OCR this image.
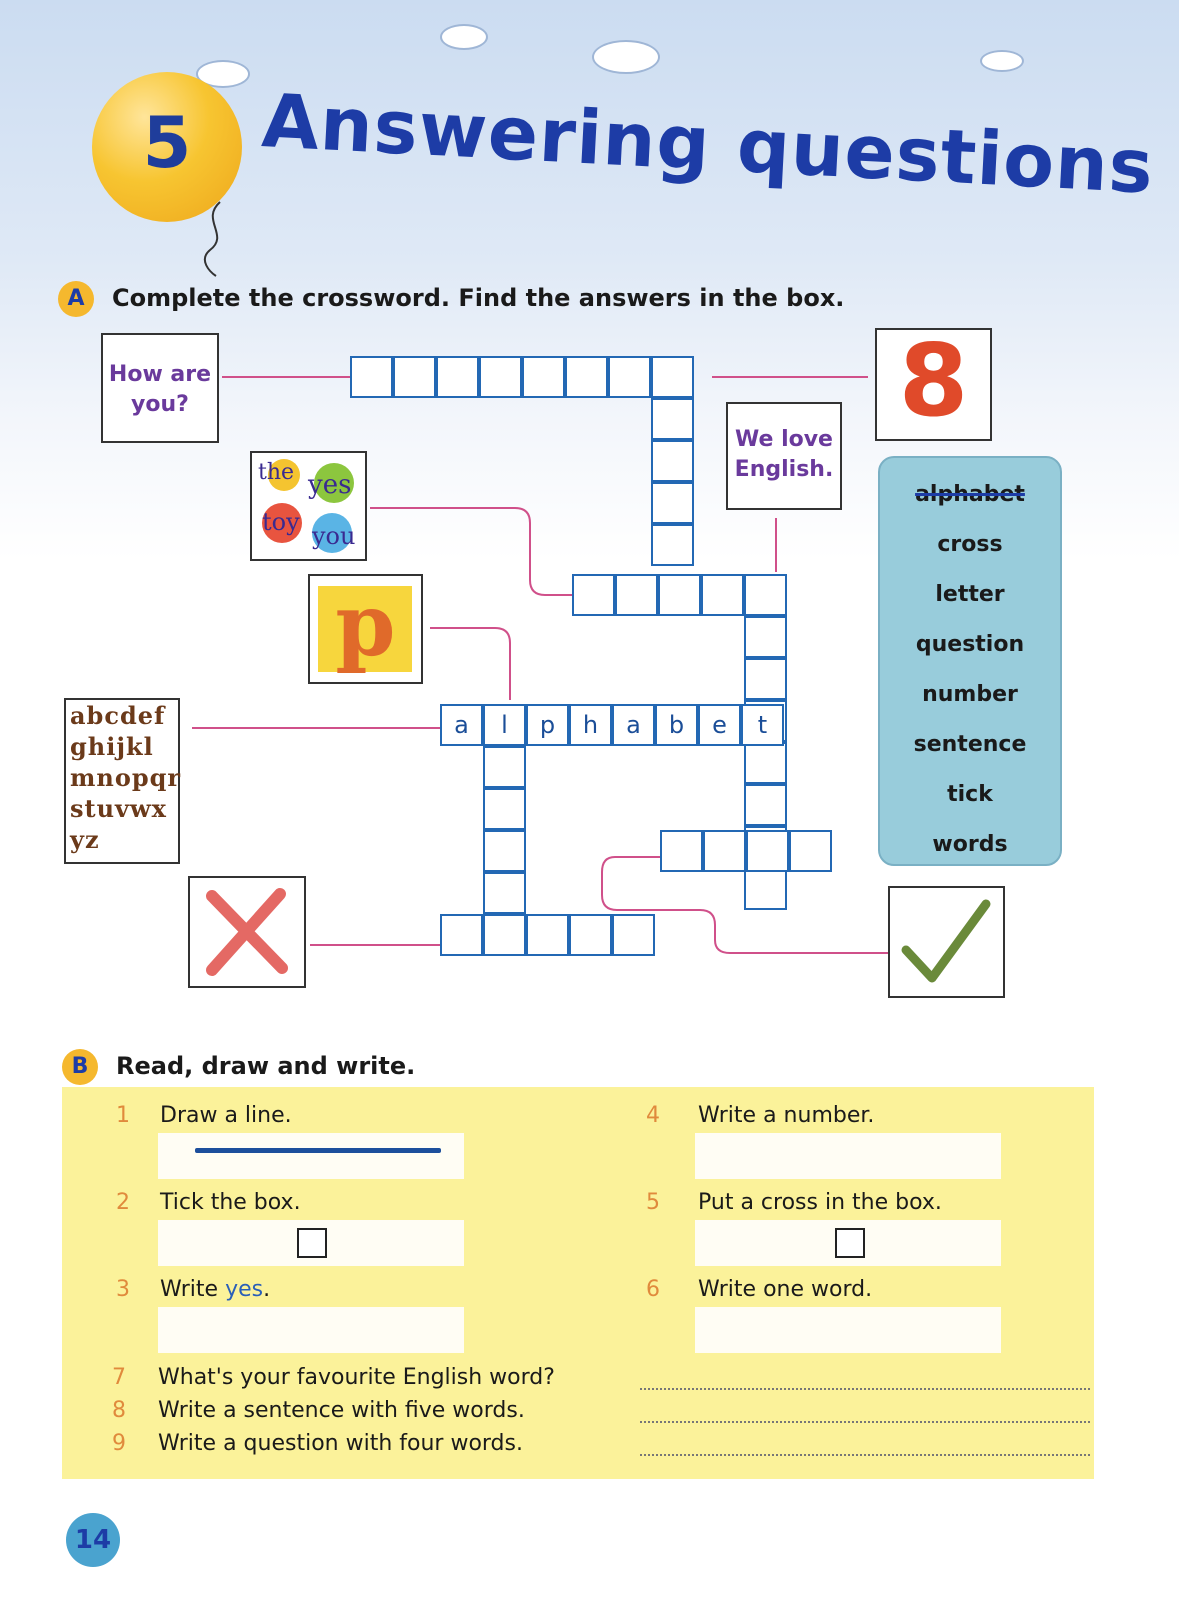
5 Answering questions
A	Complete the crossword. Find the answers in the box.
How are you?
We love English.
the yes
toy you
p
abcdef
ghijkl
mnopqr
stuvwx
yz
8
a	l	p	h	a	b	e	t
alphabet
cross
letter
question
number
sentence
tick
words
B	Read, draw and write.
1 Draw a line.
2 Tick the box.
3 Write yes.
4 Write a number.
5 Put a cross in the box.
6 Write one word.
7 What's your favourite English word?
8 Write a sentence with five words.
9 Write a question with four words.
14
